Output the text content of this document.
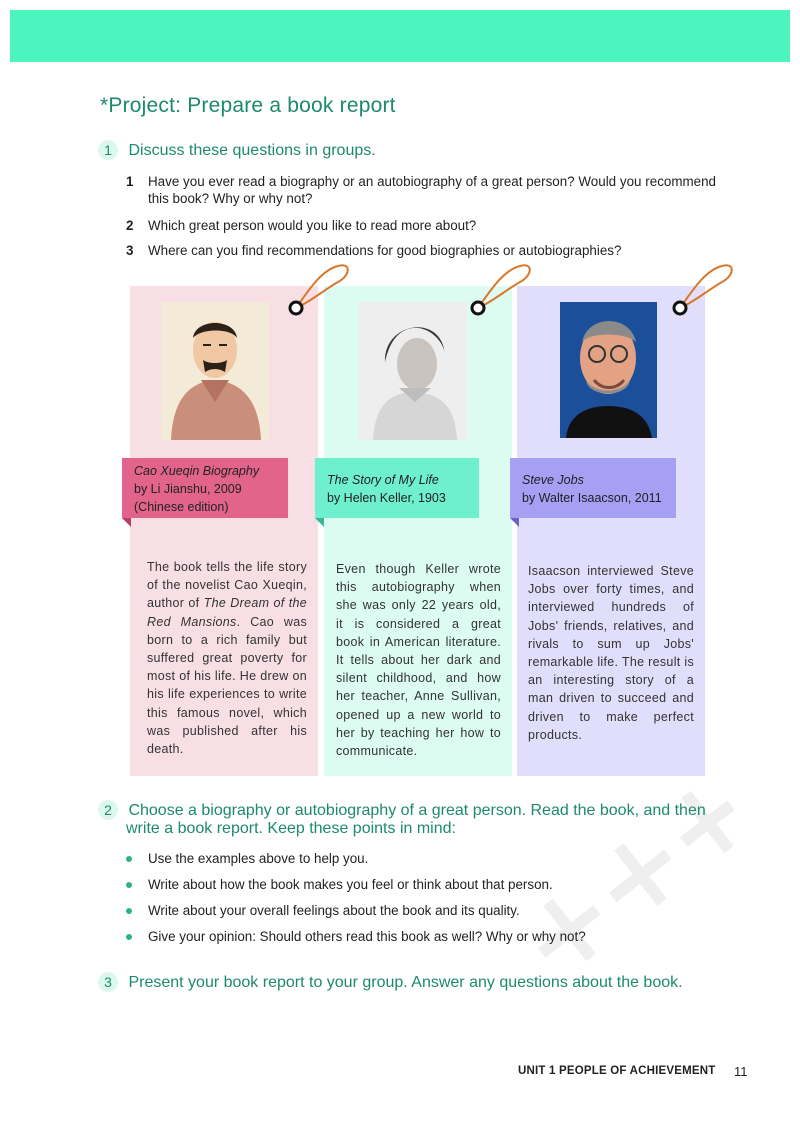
*Project: Prepare a book report
1 Discuss these questions in groups.
1 Have you ever read a biography or an autobiography of a great person? Would you recommend this book? Why or why not?
2 Which great person would you like to read more about?
3 Where can you find recommendations for good biographies or autobiographies?
Cao Xueqin Biography
by Li Jianshu, 2009
(Chinese edition)
The Story of My Life
by Helen Keller, 1903
Steve Jobs
by Walter Isaacson, 2011
The book tells the life story of the novelist Cao Xueqin, author of The Dream of the Red Mansions. Cao was born to a rich family but suffered great poverty for most of his life. He drew on his life experiences to write this famous novel, which was published after his death.
Even though Keller wrote this autobiography when she was only 22 years old, it is considered a great book in American literature. It tells about her dark and silent childhood, and how her teacher, Anne Sullivan, opened up a new world to her by teaching her how to communicate.
Isaacson interviewed Steve Jobs over forty times, and interviewed hundreds of Jobs' friends, relatives, and rivals to sum up Jobs' remarkable life. The result is an interesting story of a man driven to succeed and driven to make perfect products.
2 Choose a biography or autobiography of a great person. Read the book, and then
write a book report. Keep these points in mind:
Use the examples above to help you.
Write about how the book makes you feel or think about that person.
Write about your overall feelings about the book and its quality.
Give your opinion: Should others read this book as well? Why or why not?
3 Present your book report to your group. Answer any questions about the book.
UNIT 1 PEOPLE OF ACHIEVEMENT 11
